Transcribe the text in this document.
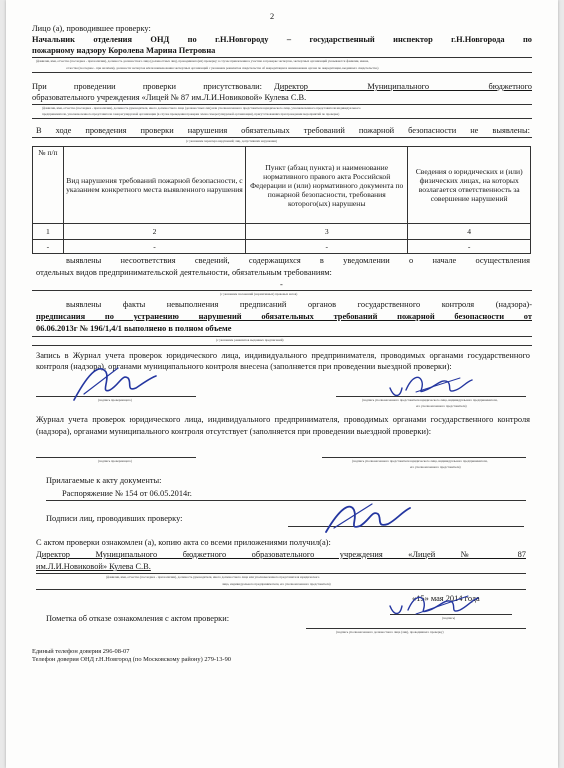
2
Лицо (а), проводившее проверку:
Начальник отделения ОНД по г.Н.Новгороду – государственный инспектор г.Н.Новгорода по
пожарному надзору Королева Марина Петровна
(фамилия, имя, отчество (последнее - при наличии), должность должностного лица (должностных лиц), проводившего(их) проверку; в случае привлечения к участию в проверке экспертов, экспертных организаций указываются фамилии, имена,
отчества (последнее - при наличии), должности экспертов и/или наименования экспертных организаций с указанием реквизитов свидетельства об аккредитации и наименование органа по аккредитации, выдавшего свидетельство)
При проведении проверки присутствовали: Директор Муниципального бюджетного
образовательного учреждения «Лицей № 87 им.Л.И.Новиковой» Кулева С.В.
(фамилия, имя, отчество (последнее - при наличии), должность руководителя, иного должностного лица (должностных лиц) или уполномоченного представителя юридического лица, уполномоченного представителя индивидуального
предпринимателя, уполномоченного представителя саморегулируемой организации (в случае проведения проверки члена саморегулируемой организации), присутствовавших при проведении мероприятий по проверке)
В ходе проведения проверки нарушения обязательных требований пожарной безопасности не выявлены:
(с указанием характера нарушений; лиц, допустивших нарушения)
№ п/п	Вид нарушения требований пожарной безопасности, с указанием конкретного места выявленного нарушения	Пункт (абзац пункта) и наименование нормативного правого акта Российской Федерации и (или) нормативного документа по пожарной безопасности, требования которого(ых) нарушены	Сведения о юридических и (или) физических лицах, на которых возлагается ответственность за совершение нарушений
1	2	3	4
-	-	-	-
выявлены несоответствия сведений, содержащихся в уведомлении о начале осуществления
отдельных видов предпринимательской деятельности, обязательным требованиям:
-
(с указанием положений (нормативных) правовых актов)
выявлены факты невыполнения предписаний органов государственного контроля (надзора)-
предписания по устранению нарушений обязательных требований пожарной безопасности от
06.06.2013г № 196/1,4/1 выполнено в полном объеме
(с указанием реквизитов выданных предписаний)
Запись в Журнал учета проверок юридического лица, индивидуального предпринимателя, проводимых органами государственного контроля (надзора), органами муниципального контроля внесена (заполняется при проведении выездной проверки):
(подпись проверяющего)	(подпись уполномоченного представителя юридического лица, индивидуального предпринимателя,
его уполномоченного представителя)
Журнал учета проверок юридического лица, индивидуального предпринимателя, проводимых органами государственного контроля (надзора), органами муниципального контроля отсутствует (заполняется при проведении выездной проверки):
(подпись проверяющего)	(подпись уполномоченного представителя юридического лица, индивидуального предпринимателя,
его уполномоченного представителя)
Прилагаемые к акту документы:
Распоряжение № 154 от 06.05.2014г.
Подписи лиц, проводивших проверку:
С актом проверки ознакомлен (а), копию акта со всеми приложениями получил(а):
Директор Муниципального бюджетного образовательного учреждения «Лицей № 87
им.Л.И.Новиковой» Кулева С.В.
(фамилия, имя, отчество (последнее - при наличии), должность руководителя, иного должностного лица или уполномоченного представителя юридического
лица, индивидуального предпринимателя, его уполномоченного представителя)
«15» мая 2014 года
(подпись)
Пометка об отказе ознакомления с актом проверки:
(подпись уполномоченного должностного лица (лиц), проводившего проверку)
Единый телефон доверия 296-08-07
Телефон доверия ОНД г.Н.Новгород (по Московскому району) 279-13-90
